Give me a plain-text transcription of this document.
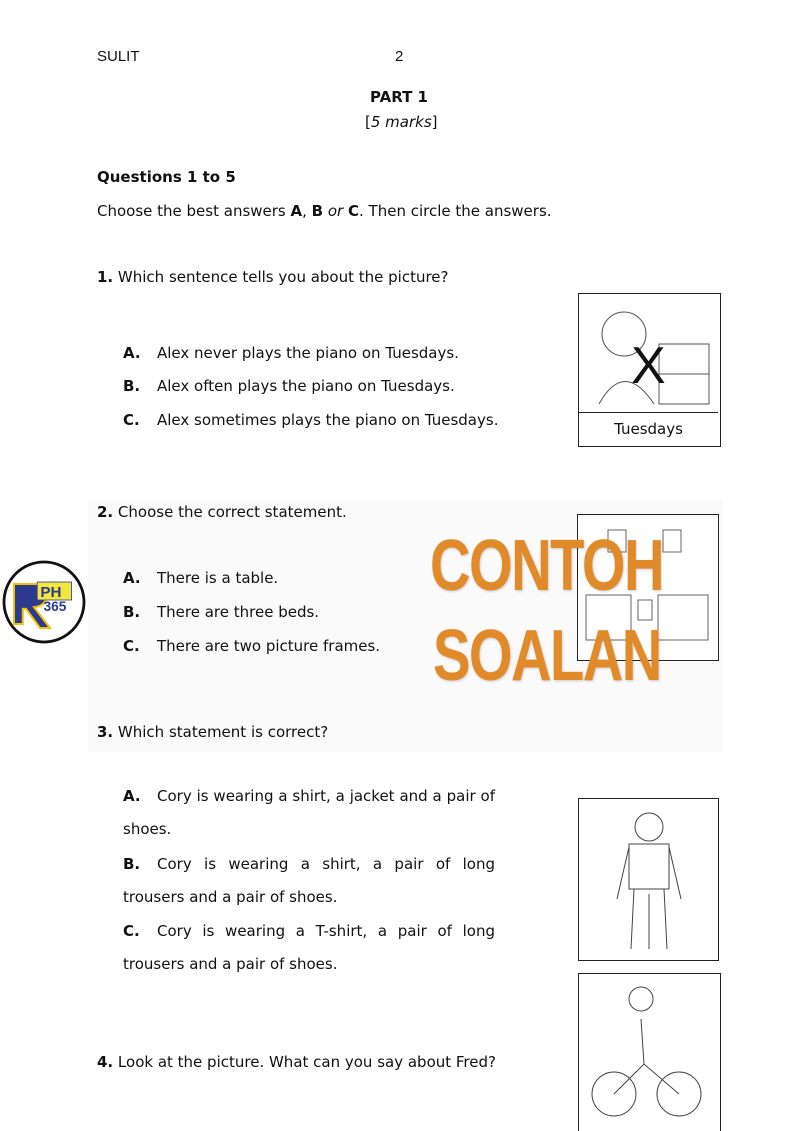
SULIT	2
PART 1
[5 marks]
Questions 1 to 5
Choose the best answers A, B or C. Then circle the answers.
1. Which sentence tells you about the picture?
A. Alex never plays the piano on Tuesdays.
B. Alex often plays the piano on Tuesdays.
C. Alex sometimes plays the piano on Tuesdays.
X
Tuesdays
PH
365
2. Choose the correct statement.
A. There is a table.
B. There are three beds.
C. There are two picture frames.
CONTOH
SOALAN
3. Which statement is correct?
A. Cory is wearing a shirt, a jacket and a pair of shoes.
B. Cory is wearing a shirt, a pair of long trousers and a pair of shoes.
C. Cory is wearing a T-shirt, a pair of long trousers and a pair of shoes.
4. Look at the picture. What can you say about Fred?
